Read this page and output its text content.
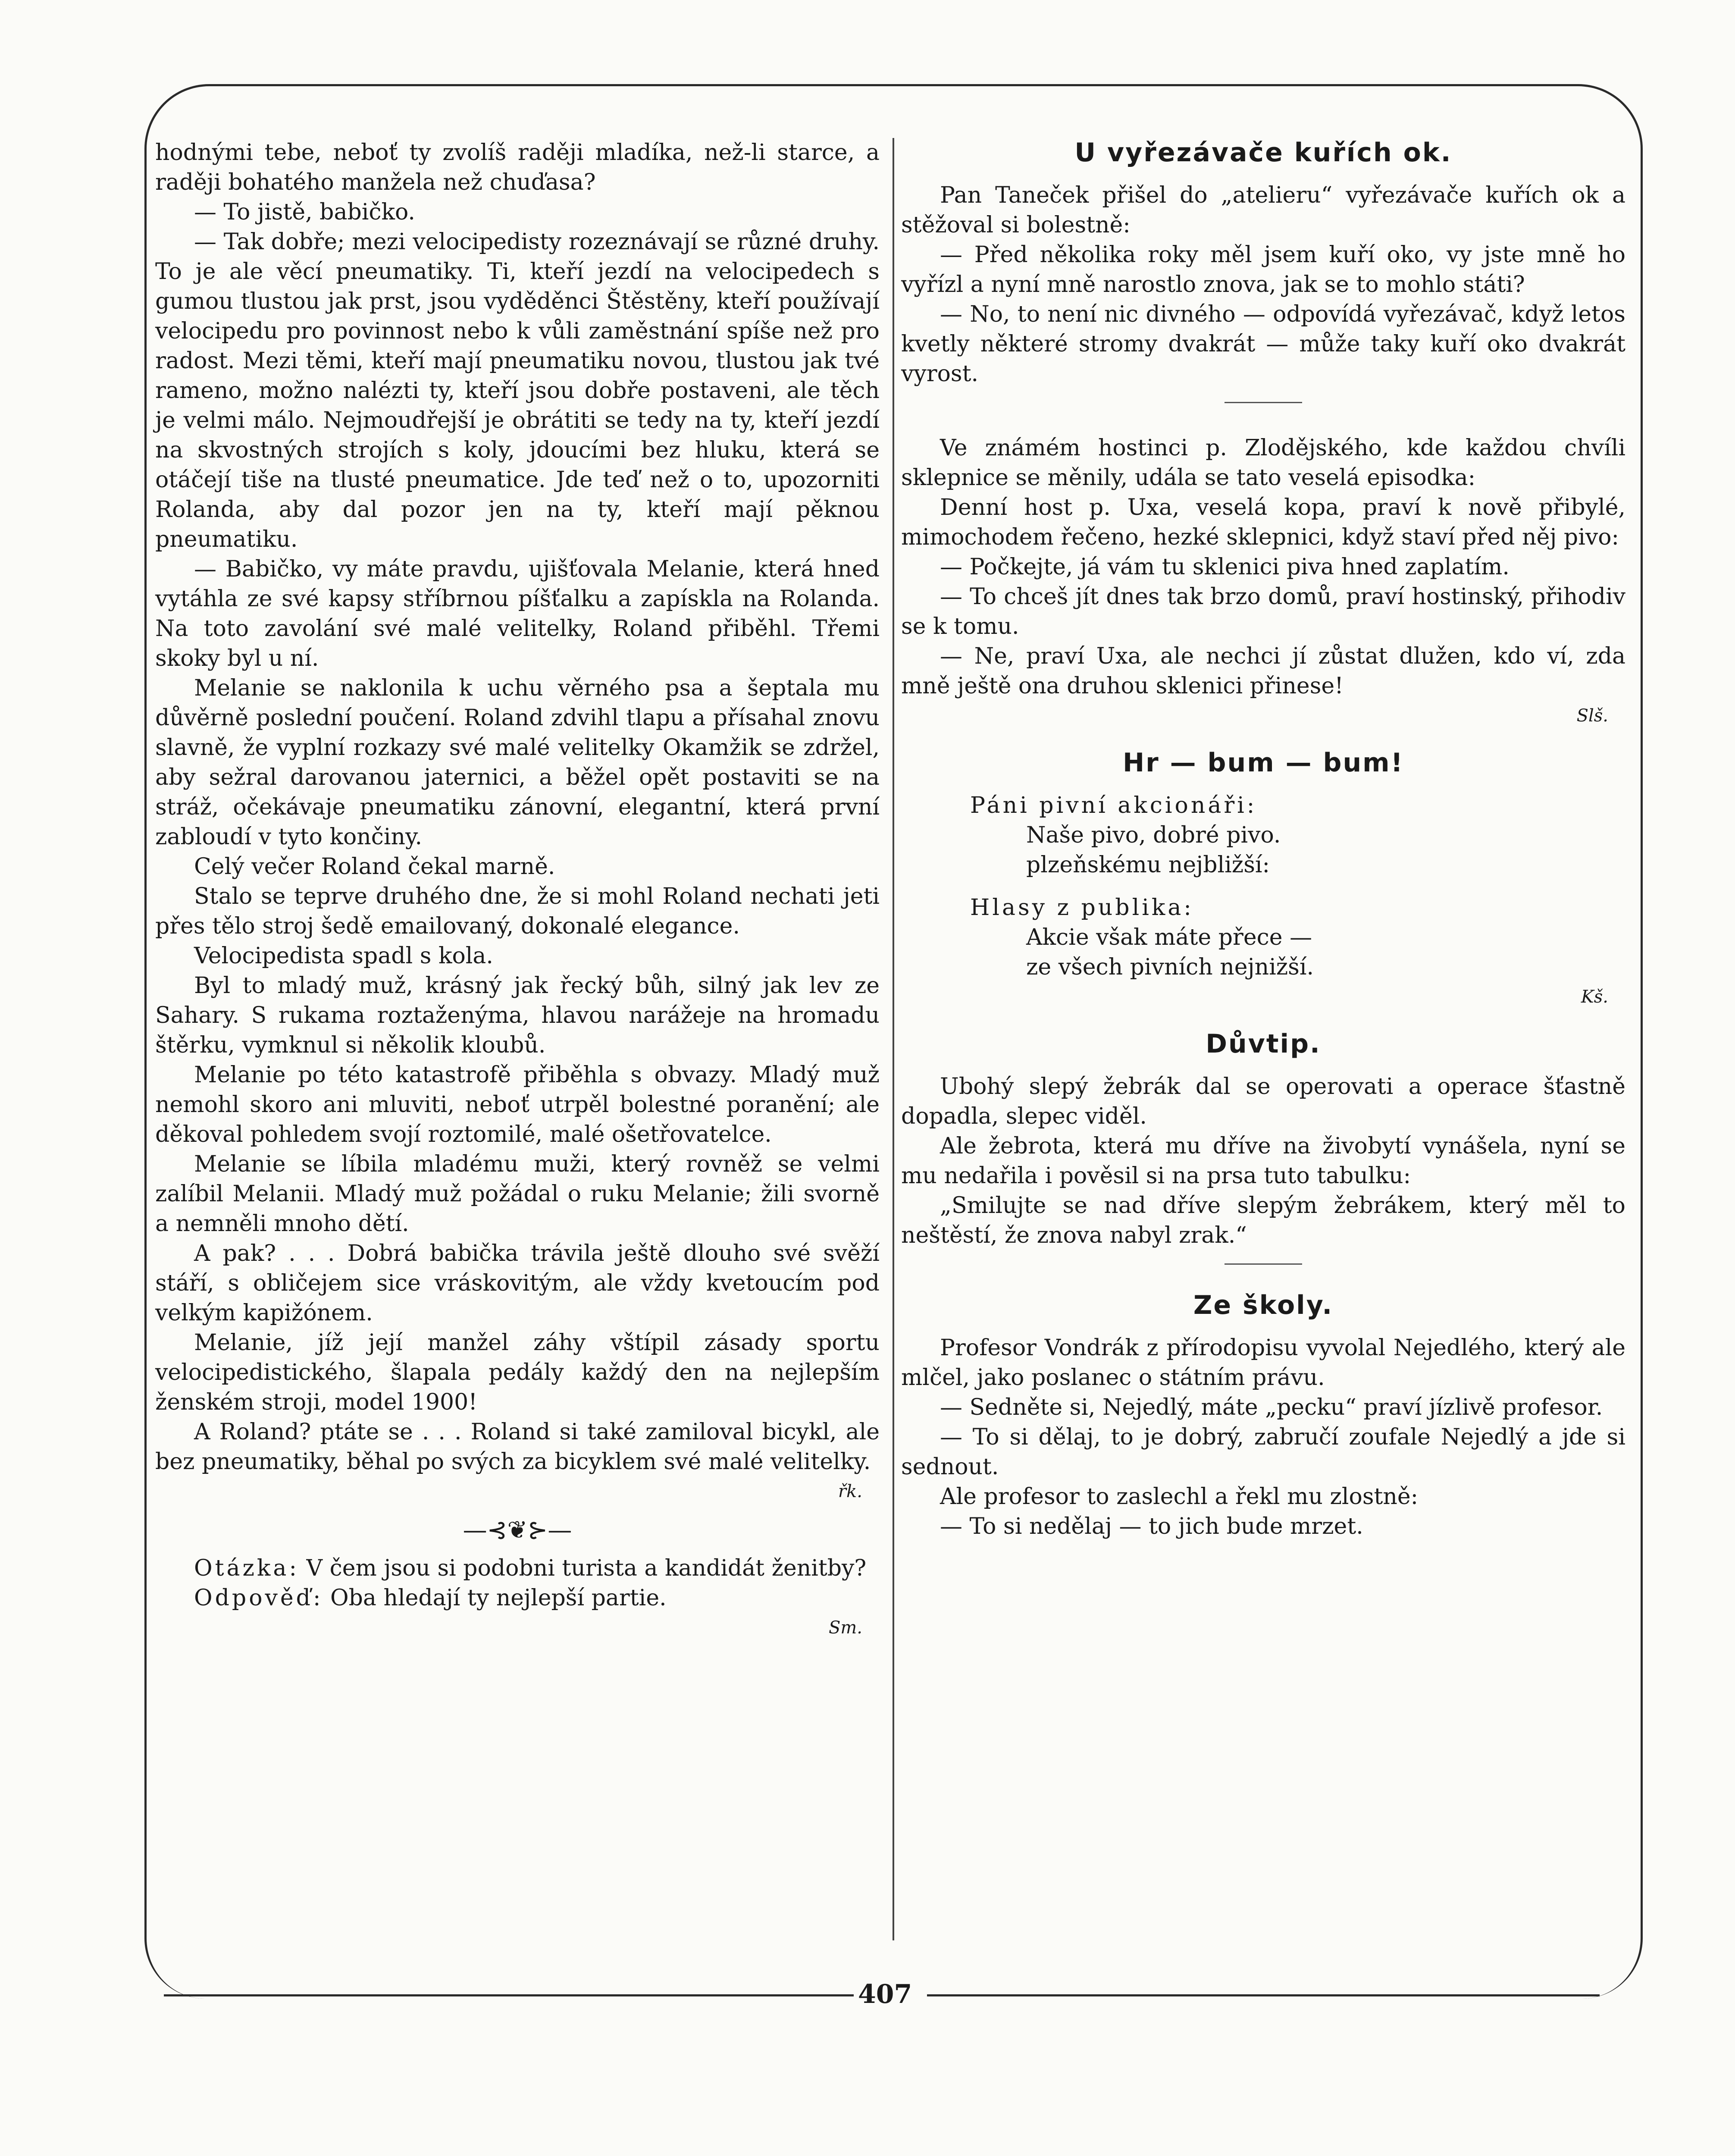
hodnými tebe, neboť ty zvolíš raději mladíka, než-li starce, a raději bohatého manžela než chuďasa?

— To jistě, babičko.

— Tak dobře; mezi velocipedisty rozeznávají se různé druhy. To je ale věcí pneumatiky. Ti, kteří jezdí na velocipedech s gumou tlustou jak prst, jsou vyděděnci Štěstěny, kteří používají velocipedu pro povinnost nebo k vůli zaměstnání spíše než pro radost. Mezi těmi, kteří mají pneumatiku novou, tlustou jak tvé rameno, možno nalézti ty, kteří jsou dobře postaveni, ale těch je velmi málo. Nejmoudřejší je obrátiti se tedy na ty, kteří jezdí na skvostných strojích s koly, jdoucími bez hluku, která se otáčejí tiše na tlusté pneumatice. Jde teď než o to, upozorniti Rolanda, aby dal pozor jen na ty, kteří mají pěknou pneumatiku.

— Babičko, vy máte pravdu, ujišťovala Melanie, která hned vytáhla ze své kapsy stříbrnou píšťalku a zapískla na Rolanda. Na toto zavolání své malé velitelky, Roland přiběhl. Třemi skoky byl u ní.

Melanie se naklonila k uchu věrného psa a šeptala mu důvěrně poslední poučení. Roland zdvihl tlapu a přísahal znovu slavně, že vyplní rozkazy své malé velitelky Okamžik se zdržel, aby sežral darovanou jaternici, a běžel opět postaviti se na stráž, očekávaje pneumatiku zánovní, elegantní, která první zabloudí v tyto končiny.

Celý večer Roland čekal marně.

Stalo se teprve druhého dne, že si mohl Roland nechati jeti přes tělo stroj šedě emailovaný, dokonalé elegance.

Velocipedista spadl s kola.

Byl to mladý muž, krásný jak řecký bůh, silný jak lev ze Sahary. S rukama roztaženýma, hlavou narážeje na hromadu štěrku, vymknul si několik kloubů.

Melanie po této katastrofě přiběhla s obvazy. Mladý muž nemohl skoro ani mluviti, neboť utrpěl bolestné poranění; ale děkoval pohledem svojí roztomilé, malé ošetřovatelce.

Melanie se líbila mladému muži, který rovněž se velmi zalíbil Melanii. Mladý muž požádal o ruku Melanie; žili svorně a nemněli mnoho dětí.

A pak? . . . Dobrá babička trávila ještě dlouho své svěží stáří, s obličejem sice vráskovitým, ale vždy kvetoucím pod velkým kapižónem.

Melanie, jíž její manžel záhy vštípil zásady sportu velocipedistického, šlapala pedály každý den na nejlepším ženském stroji, model 1900!

A Roland? ptáte se . . . Roland si také zamiloval bicykl, ale bez pneumatiky, běhal po svých za bicyklem své malé velitelky.

řk.
—⊰❦⊱—

Otázka: V čem jsou si podobni turista a kandidát ženitby?

Odpověď: Oba hledají ty nejlepší partie.

Sm.
U vyřezávače kuřích ok.

Pan Taneček přišel do „atelieru“ vyřezávače kuřích ok a stěžoval si bolestně:

— Před několika roky měl jsem kuří oko, vy jste mně ho vyřízl a nyní mně narostlo znova, jak se to mohlo státi?

— No, to není nic divného — odpovídá vyřezávač, když letos kvetly některé stromy dvakrát — může taky kuří oko dvakrát vyrost.

Ve známém hostinci p. Zlodějského, kde každou chvíli sklepnice se měnily, udála se tato veselá episodka:

Denní host p. Uxa, veselá kopa, praví k nově přibylé, mimochodem řečeno, hezké sklepnici, když staví před něj pivo:

— Počkejte, já vám tu sklenici piva hned zaplatím.

— To chceš jít dnes tak brzo domů, praví hostinský, přihodiv se k tomu.

— Ne, praví Uxa, ale nechci jí zůstat dlužen, kdo ví, zda mně ještě ona druhou sklenici přinese!

Slš.
Hr — bum — bum!
Páni pivní akcionáři:
Naše pivo, dobré pivo.
plzeňskému nejbližší:
Hlasy z publika:
Akcie však máte přece —
ze všech pivních nejnižší.
Kš.
Důvtip.

Ubohý slepý žebrák dal se operovati a operace šťastně dopadla, slepec viděl.

Ale žebrota, která mu dříve na živobytí vynášela, nyní se mu nedařila i pověsil si na prsa tuto tabulku:

„Smilujte se nad dříve slepým žebrákem, který měl to neštěstí, že znova nabyl zrak.“

Ze školy.

Profesor Vondrák z přírodopisu vyvolal Nejedlého, který ale mlčel, jako poslanec o státním právu.

— Sedněte si, Nejedlý, máte „pecku“ praví jízlivě profesor.

— To si dělaj, to je dobrý, zabručí zoufale Nejedlý a jde si sednout.

Ale profesor to zaslechl a řekl mu zlostně:

— To si nedělaj — to jich bude mrzet.

407
